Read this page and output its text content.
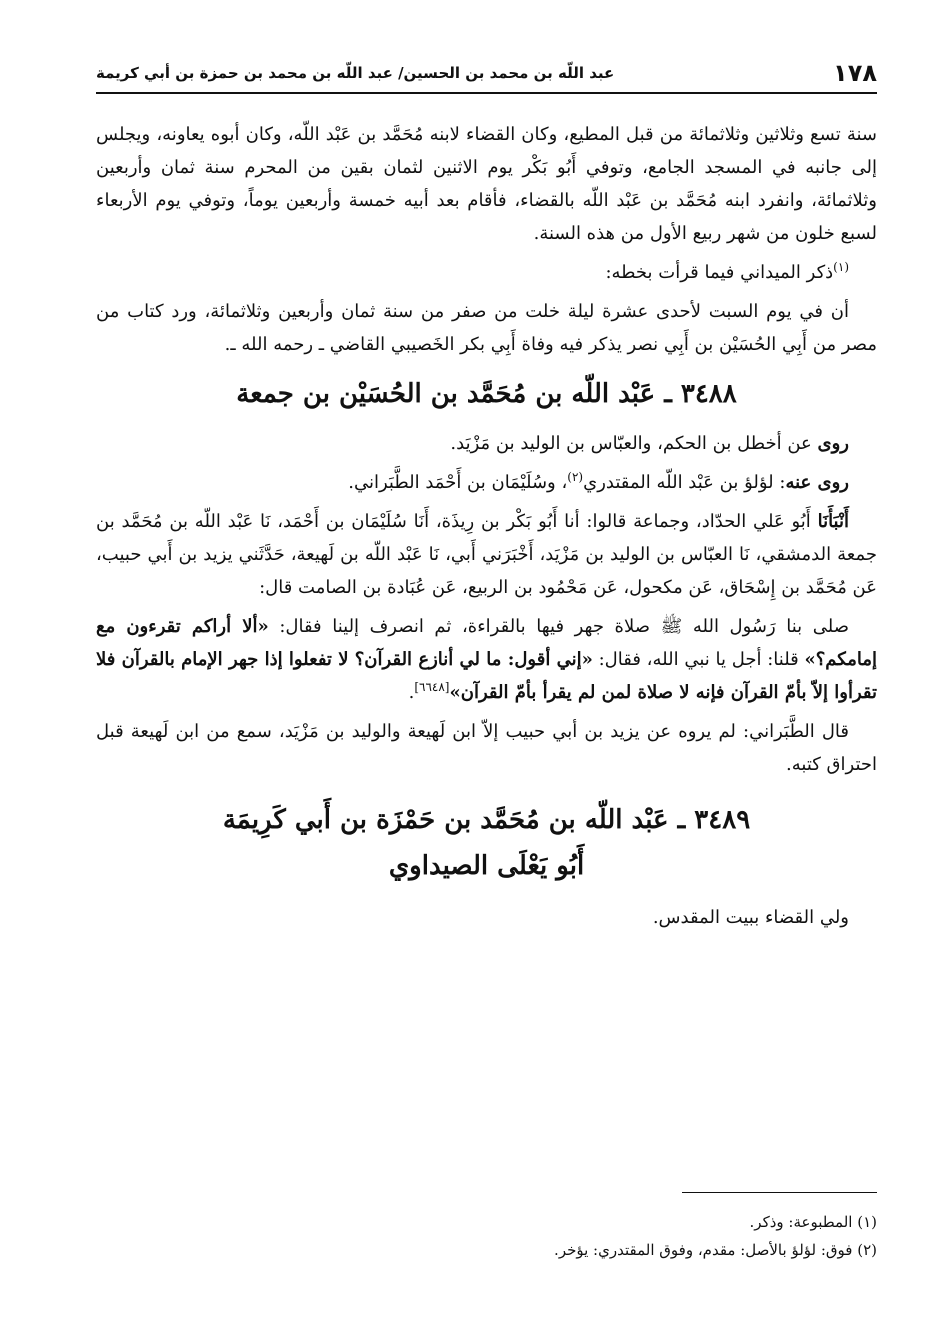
١٧٨
عبد اللّه بن محمد بن الحسين/ عبد اللّه بن محمد بن حمزة بن أبي كريمة

سنة تسع وثلاثين وثلاثمائة من قبل المطيع، وكان القضاء لابنه مُحَمَّد بن عَبْد اللّه، وكان أبوه يعاونه، ويجلس إلى جانبه في المسجد الجامع، وتوفي أَبُو بَكْر يوم الاثنين لثمان بقين من المحرم سنة ثمان وأربعين وثلاثمائة، وانفرد ابنه مُحَمَّد بن عَبْد اللّه بالقضاء، فأقام بعد أبيه خمسة وأربعين يوماً، وتوفي يوم الأربعاء لسبع خلون من شهر ربيع الأول من هذه السنة.

$^{(١)}$ذكر الميداني فيما قرأت بخطه:

أن في يوم السبت لأحدى عشرة ليلة خلت من صفر من سنة ثمان وأربعين وثلاثمائة، ورد كتاب من مصر من أَبِي الحُسَيْن بن أَبِي نصر يذكر فيه وفاة أَبِي بكر الخَصيبي القاضي ـ رحمه الله ـ.

٣٤٨٨ ـ عَبْد اللّه بن مُحَمَّد بن الحُسَيْن بن جمعة

روى عن أخطل بن الحكم، والعبّاس بن الوليد بن مَزْيَد.

روى عنه: لؤلؤ بن عَبْد اللّه المقتدري$^{(٢)}$، وسُلَيْمَان بن أَحْمَد الطَّبَراني.

أَنْبَأَنَا أَبُو عَلي الحدّاد، وجماعة قالوا: أنا أَبُو بَكْر بن رِيذَة، أَنَا سُلَيْمَان بن أَحْمَد، نَا عَبْد اللّه بن مُحَمَّد بن جمعة الدمشقي، نَا العبّاس بن الوليد بن مَزْيَد، أَخْبَرَني أَبي، نَا عَبْد اللّه بن لَهيعة، حَدَّثَني يزيد بن أَبي حبيب، عَن مُحَمَّد بن إِسْحَاق، عَن مكحول، عَن مَحْمُود بن الربيع، عَن عُبَادة بن الصامت قال:

صلى بنا رَسُول الله ﷺ صلاة جهر فيها بالقراءة، ثم انصرف إلينا فقال: «ألا أراكم تقرءون مع إمامكم؟» قلنا: أجل يا نبي الله، فقال: «إني أقول: ما لي أنازع القرآن؟ لا تفعلوا إذا جهر الإمام بالقرآن فلا تقرأوا إلاّ بأمّ القرآن فإنه لا صلاة لمن لم يقرأ بأمّ القرآن»[٦٦٤٨].

قال الطَّبَراني: لم يروه عن يزيد بن أبي حبيب إلاّ ابن لَهيعة والوليد بن مَزْيَد، سمع من ابن لَهيعة قبل احتراق كتبه.

٣٤٨٩ ـ عَبْد اللّه بن مُحَمَّد بن حَمْزَة بن أَبي كَرِيمَة
أَبُو يَعْلَى الصيداوي

ولي القضاء ببيت المقدس.

(١) المطبوعة: وذكر.

(٢) فوق: لؤلؤ بالأصل: مقدم، وفوق المقتدري: يؤخر.
